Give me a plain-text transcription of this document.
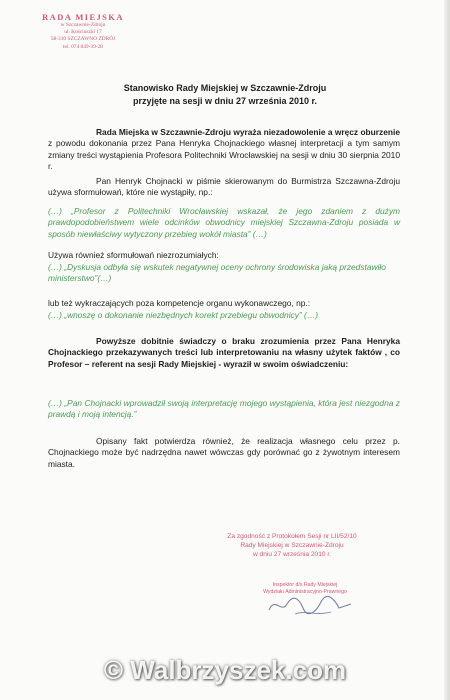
RADA MIEJSKA
w Szczawnie-Zdroju
ul. Kościuszki 17
58-310 SZCZAWNO ZDRÓJ
tel. 074 849-39-28
Stanowisko Rady Miejskiej w Szczawnie-Zdroju
przyjęte na sesji w dniu 27 września 2010 r.
Rada Miejska w Szczawnie-Zdroju wyraża niezadowolenie a wręcz oburzenie z powodu dokonania przez Pana Henryka Chojnackiego własnej interpretacji a tym samym zmiany treści wystąpienia Profesora Politechniki Wrocławskiej na sesji w dniu 30 sierpnia 2010 r.
Pan Henryk Chojnacki w piśmie skierowanym do Burmistrza Szczawna-Zdroju używa sformułowań, które nie wystąpiły, np.:
(…) „Profesor z Politechniki Wrocławskiej wskazał, że jego zdaniem z dużym prawdopodobieństwem wiele odcinków obwodnicy miejskiej Szczawna-Zdroju posiada w sposób niewłaściwy wytyczony przebieg wokół miasta” (…)
Używa również sformułowań niezrozumiałych:
(…) „Dyskusja odbyła się wskutek negatywnej oceny ochrony środowiska jaką przedstawiło ministerstwo”(…)
lub też wykraczających poza kompetencje organu wykonawczego, np.:
(…) „wnoszę o dokonanie niezbędnych korekt przebiegu obwodnicy” (…)
Powyższe dobitnie świadczy o braku zrozumienia przez Pana Henryka Chojnackiego przekazywanych treści lub interpretowaniu na własny użytek faktów , co Profesor – referent na sesji Rady Miejskiej - wyraził w swoim oświadczeniu:
(…) „Pan Chojnacki wprowadził swoją interpretację mojego wystąpienia, która jest niezgodna z prawdą i moją intencją.”
Opisany fakt potwierdza również, że realizacja własnego celu przez p. Chojnackiego może być nadrzędna nawet wówczas gdy porównać go z żywotnym interesem miasta.
Za zgodność z Protokołem Sesji nr LII/52/10
Rady Miejskiej w Szczawnie-Zdroju
w dniu 27 września 2010 r.
Inspektor d/s Rady Miejskiej
Wydziału Administracyjno-Prawnego
© Walbrzyszek.com
